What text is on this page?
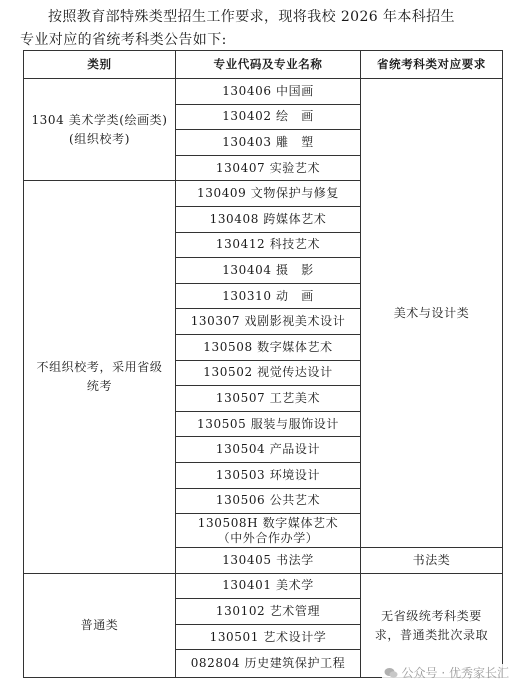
按照教育部特殊类型招生工作要求，现将我校 2026 年本科招生
专业对应的省统考科类公告如下:
类别	专业代码及专业名称	省统考科类对应要求
1304 美术学类(绘画类)
(组织校考)	130406 中国画	美术与设计类
	130402 绘　画	
	130403 雕　塑	
	130407 实验艺术	
不组织校考，采用省级
统考	130409 文物保护与修复	
	130408 跨媒体艺术	
	130412 科技艺术	
	130404 摄　影	
	130310 动　画	
	130307 戏剧影视美术设计	
	130508 数字媒体艺术	
	130502 视觉传达设计	
	130507 工艺美术	
	130505 服装与服饰设计	
	130504 产品设计	
	130503 环境设计	
	130506 公共艺术	
	130508H 数字媒体艺术
（中外合作办学）	
	130405 书法学	书法类
普通类	130401 美术学	无省级统考科类要
求，普通类批次录取
	130102 艺术管理	
	130501 艺术设计学	
	082804 历史建筑保护工程	
公众号 · 优秀家长汇
